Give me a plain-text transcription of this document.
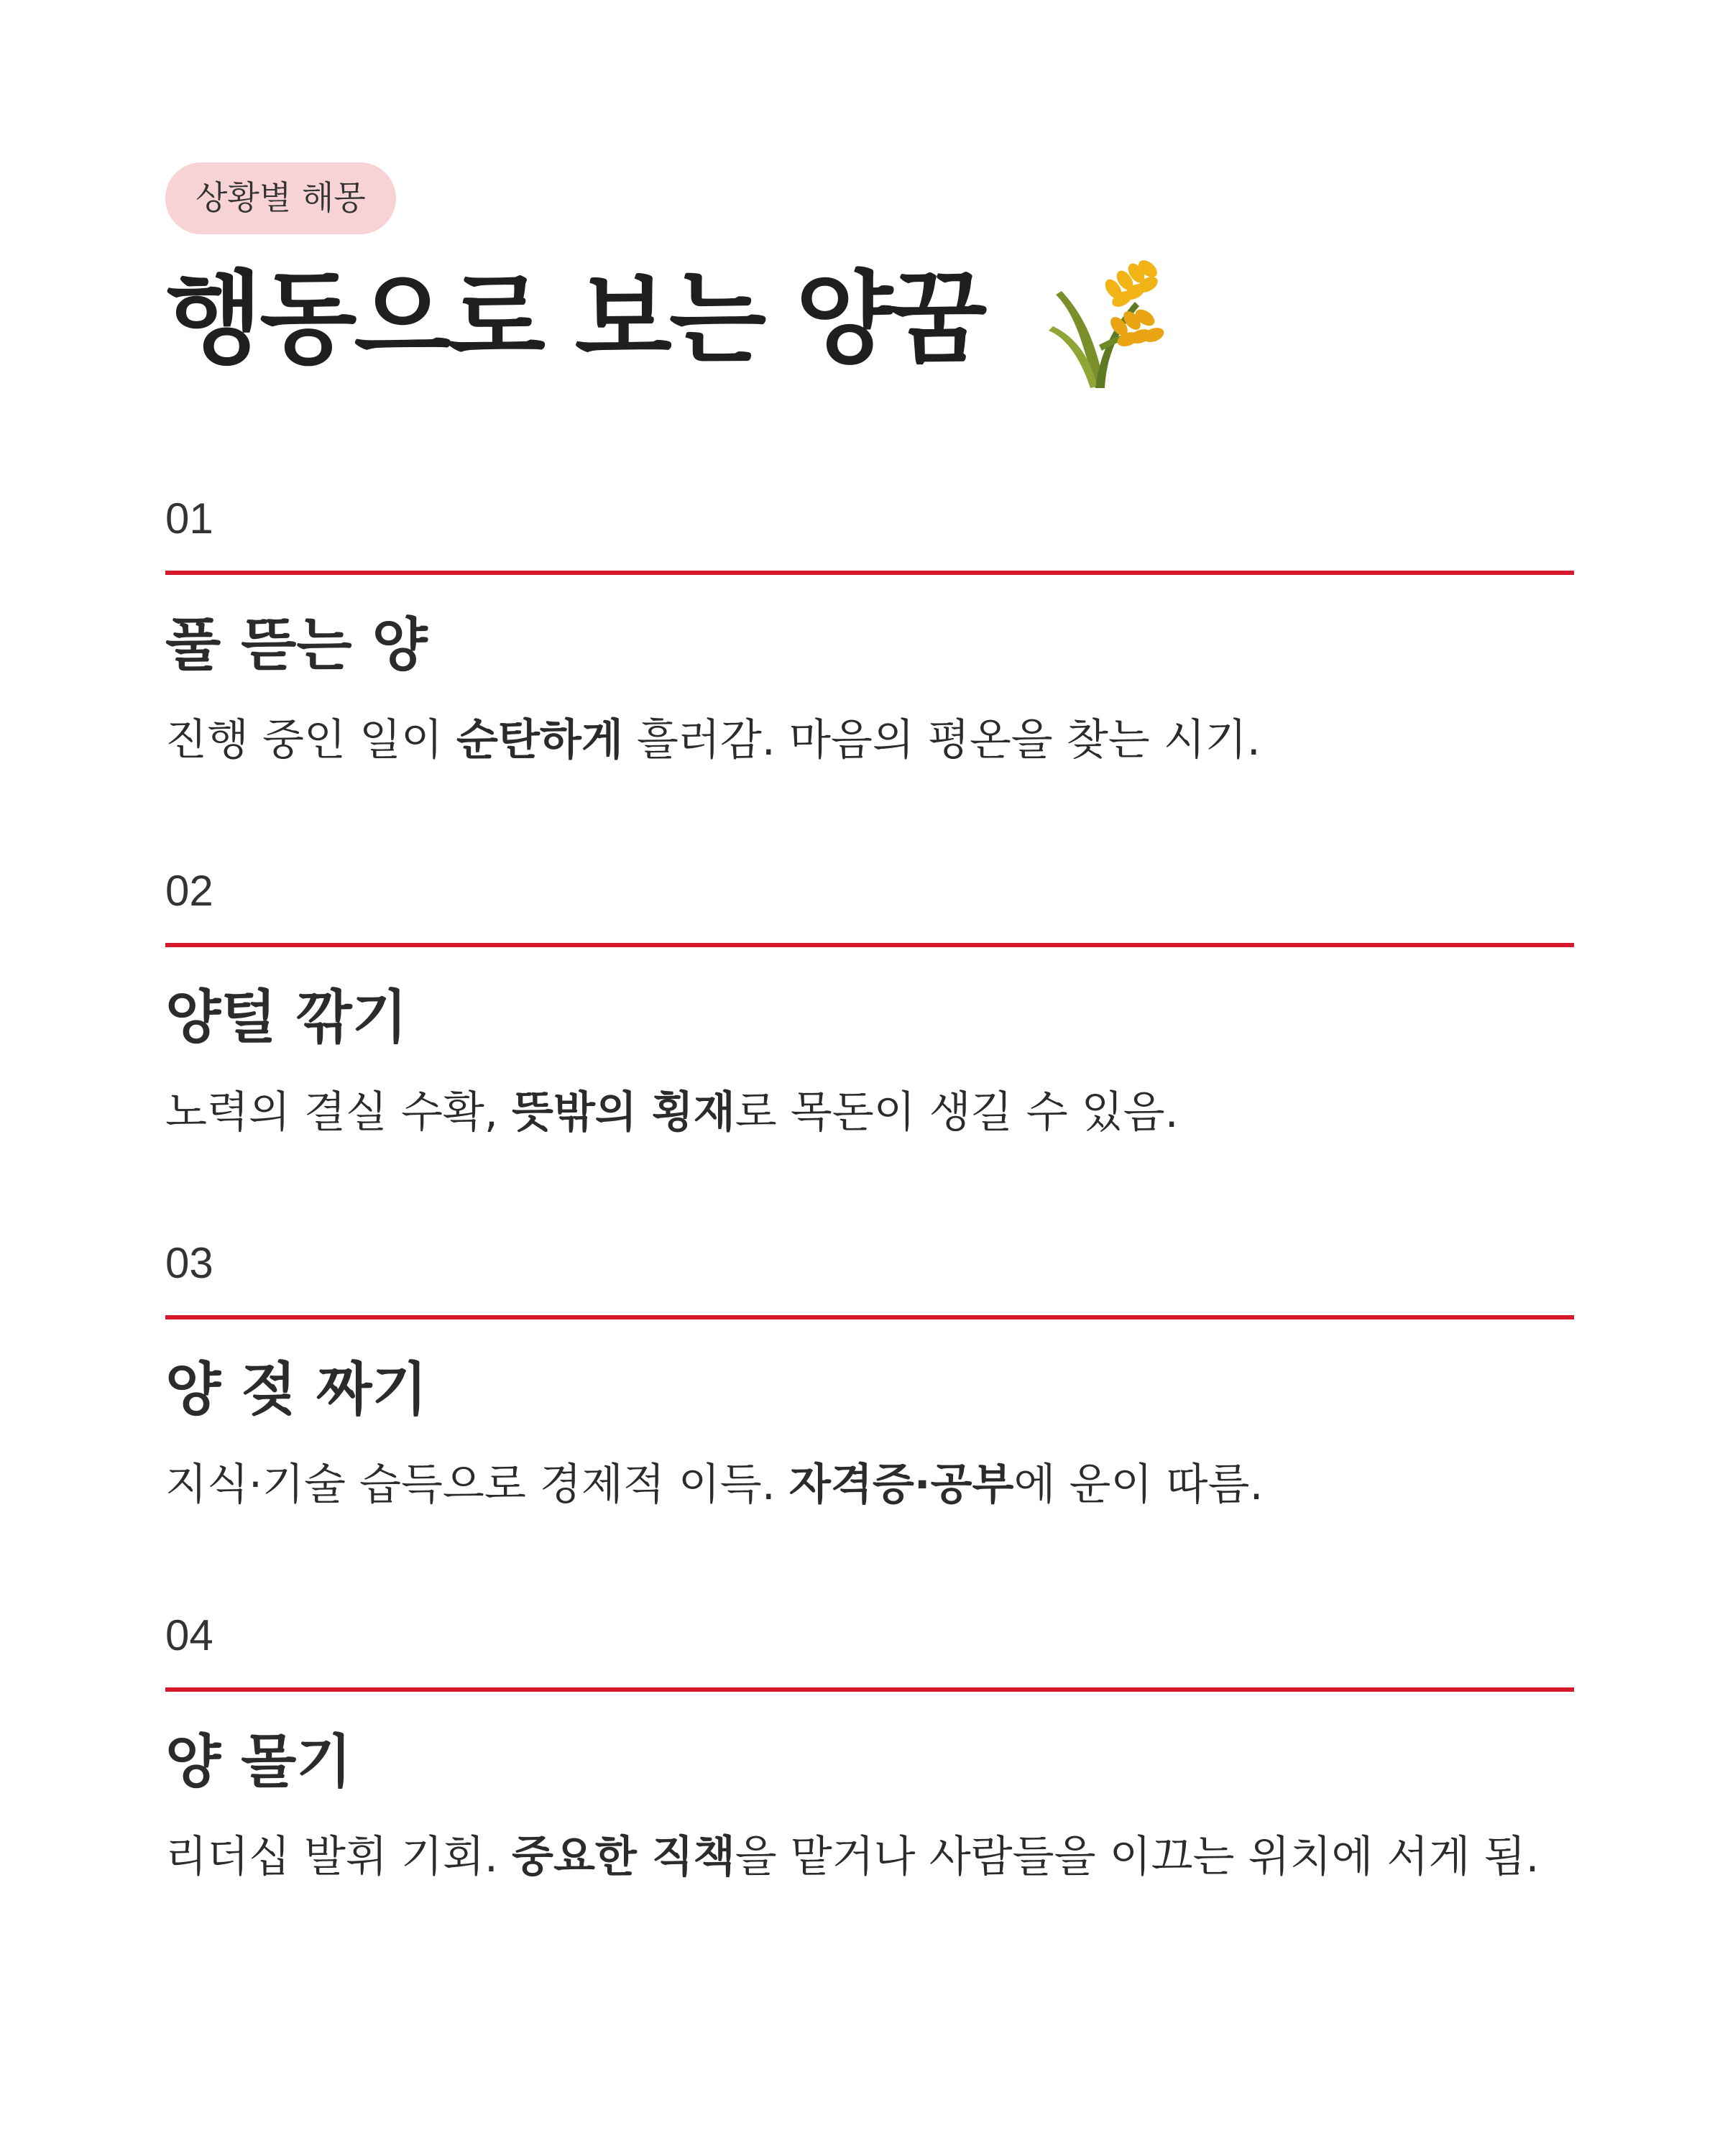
상황별 해몽
행동으로 보는 양꿈
01
풀 뜯는 양
진행 중인 일이 순탄하게 흘러감. 마음의 평온을 찾는 시기.
02
양털 깎기
노력의 결실 수확, 뜻밖의 횡재로 목돈이 생길 수 있음.
03
양 젖 짜기
지식·기술 습득으로 경제적 이득. 자격증·공부에 운이 따름.
04
양 몰기
리더십 발휘 기회. 중요한 직책을 맡거나 사람들을 이끄는 위치에 서게 됨.
